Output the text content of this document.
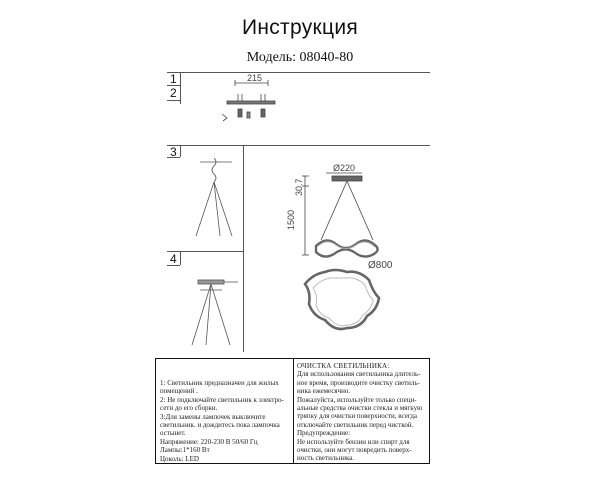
Инструкция
Модель: 08040-80
1
2
3
4
215
Ø220
30.7
1500
Ø800
1: Светильник предназначен для жилых
помещений .
2: Не подключайте светильник к электро-
сети до его сборки.
3:Для замены лампочек выключите
светильник. и дождитесь пока лампочка
остынет.
Напряжение: 220-230 В 50/60 Гц
Лампы:1*160 Вт
Цоколь: LED
ОЧИСТКА СВЕТИЛЬНИКА:
Для использования светильника длитель-
ное время, производите очистку светиль-
ника ежемесячно.
Пожалуйста, используйте только специ-
альные средства очистки стекла и мягкую
тряпку для очистки поверхности, всегда
отключайте светильник перед чисткой.
Предупреждение:
Не используйте бензин или спирт для
очистки, они могут повредить поверх-
ность светильника.
